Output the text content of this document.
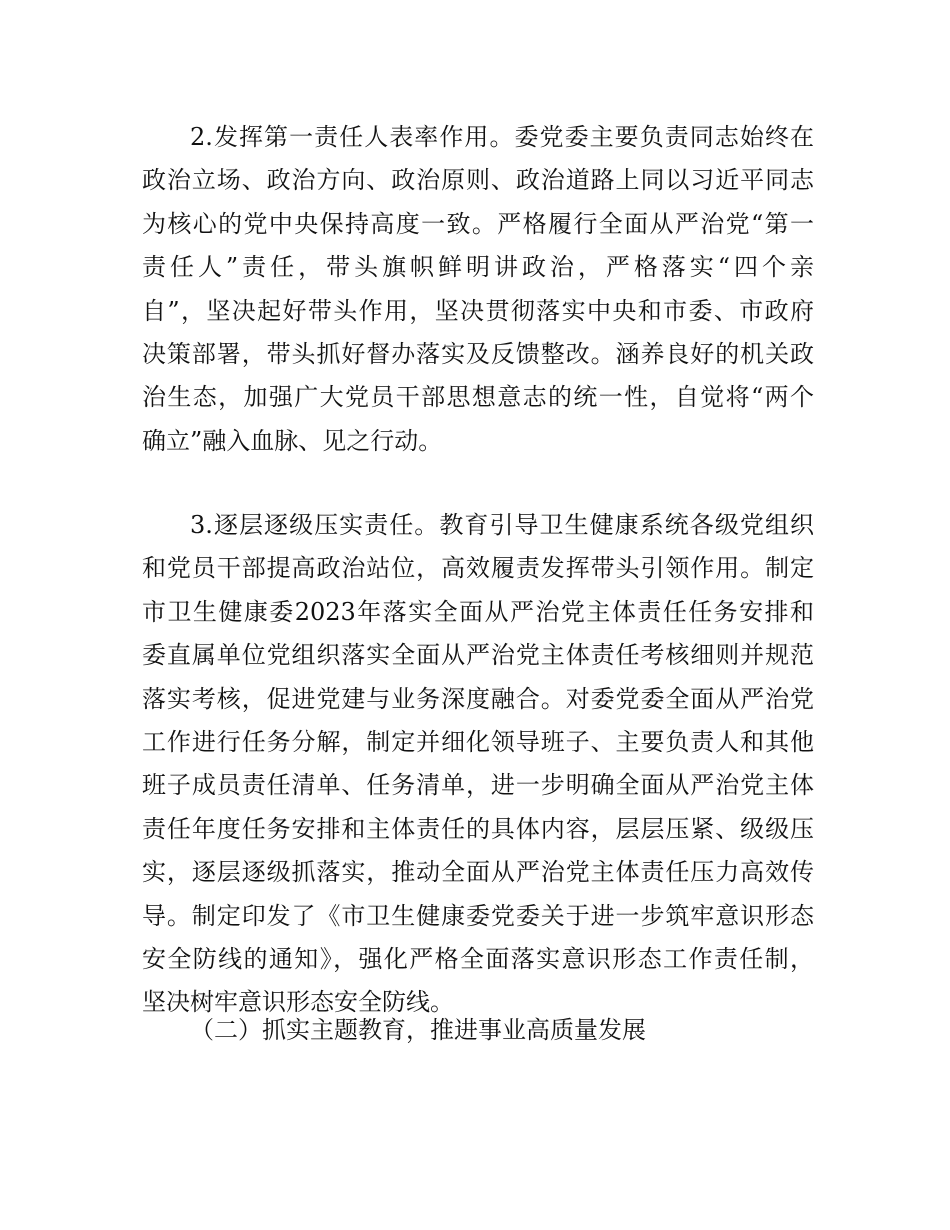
2.发挥第一责任人表率作用。委党委主要负责同志始终在
政治立场、政治方向、政治原则、政治道路上同以习近平同志
为核心的党中央保持高度一致。严格履行全面从严治党“第一
责任人”责任，带头旗帜鲜明讲政治，严格落实“四个亲
自”，坚决起好带头作用，坚决贯彻落实中央和市委、市政府
决策部署，带头抓好督办落实及反馈整改。涵养良好的机关政
治生态，加强广大党员干部思想意志的统一性，自觉将“两个
确立”融入血脉、见之行动。
3.逐层逐级压实责任。教育引导卫生健康系统各级党组织
和党员干部提高政治站位，高效履责发挥带头引领作用。制定
市卫生健康委2023年落实全面从严治党主体责任任务安排和
委直属单位党组织落实全面从严治党主体责任考核细则并规范
落实考核，促进党建与业务深度融合。对委党委全面从严治党
工作进行任务分解，制定并细化领导班子、主要负责人和其他
班子成员责任清单、任务清单，进一步明确全面从严治党主体
责任年度任务安排和主体责任的具体内容，层层压紧、级级压
实，逐层逐级抓落实，推动全面从严治党主体责任压力高效传
导。制定印发了《市卫生健康委党委关于进一步筑牢意识形态
安全防线的通知》，强化严格全面落实意识形态工作责任制，
坚决树牢意识形态安全防线。
（二）抓实主题教育，推进事业高质量发展
